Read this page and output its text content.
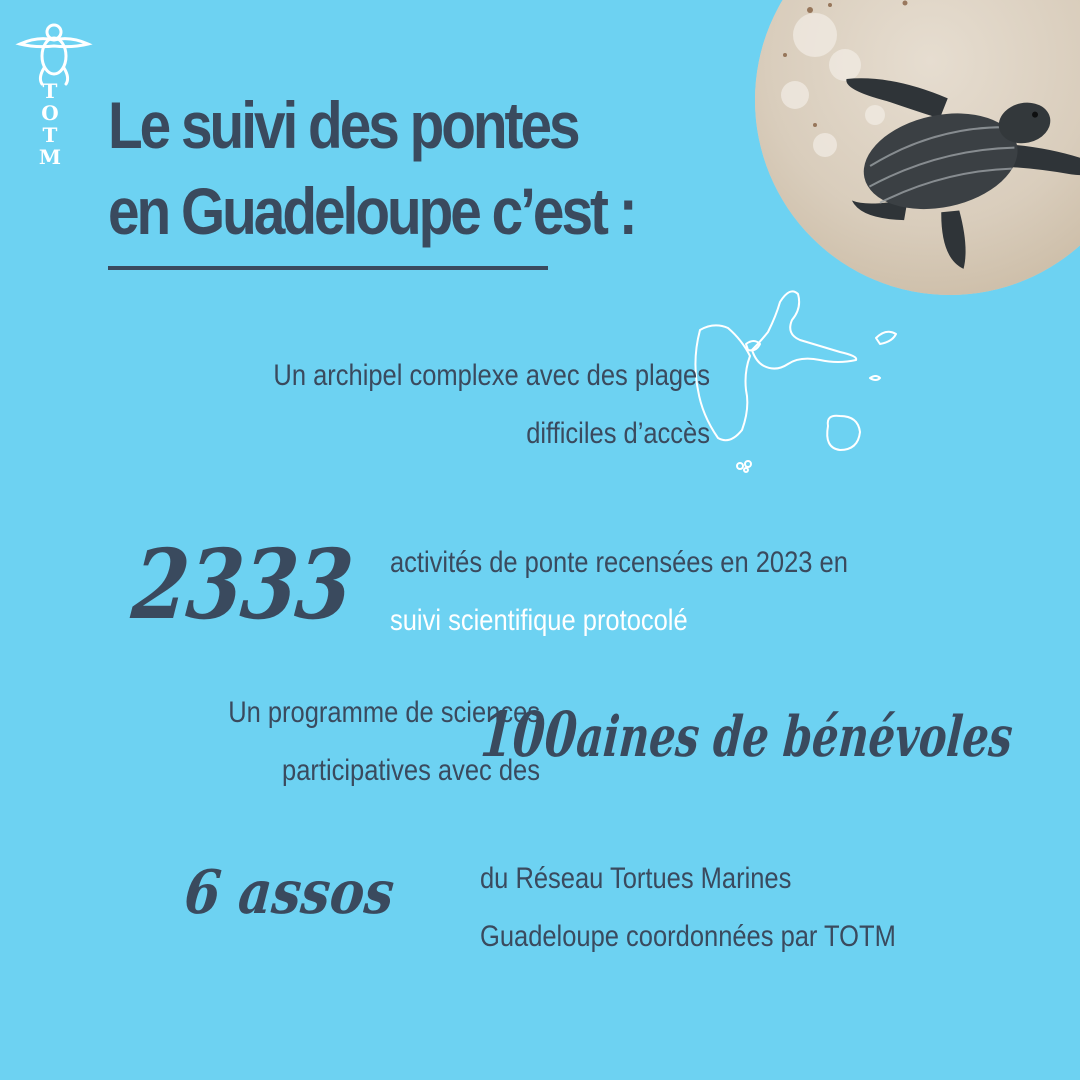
T
O
T
M Le suivi des pontes
en Guadeloupe c’est :
Un archipel complexe avec des plages
difficiles d’accès
2333 activités de ponte recensées en 2023 en
suivi scientifique protocolé
Un programme de sciences
participatives avec des
100aines de bénévoles
6 assos	du Réseau Tortues Marines
Guadeloupe coordonnées par TOTM
